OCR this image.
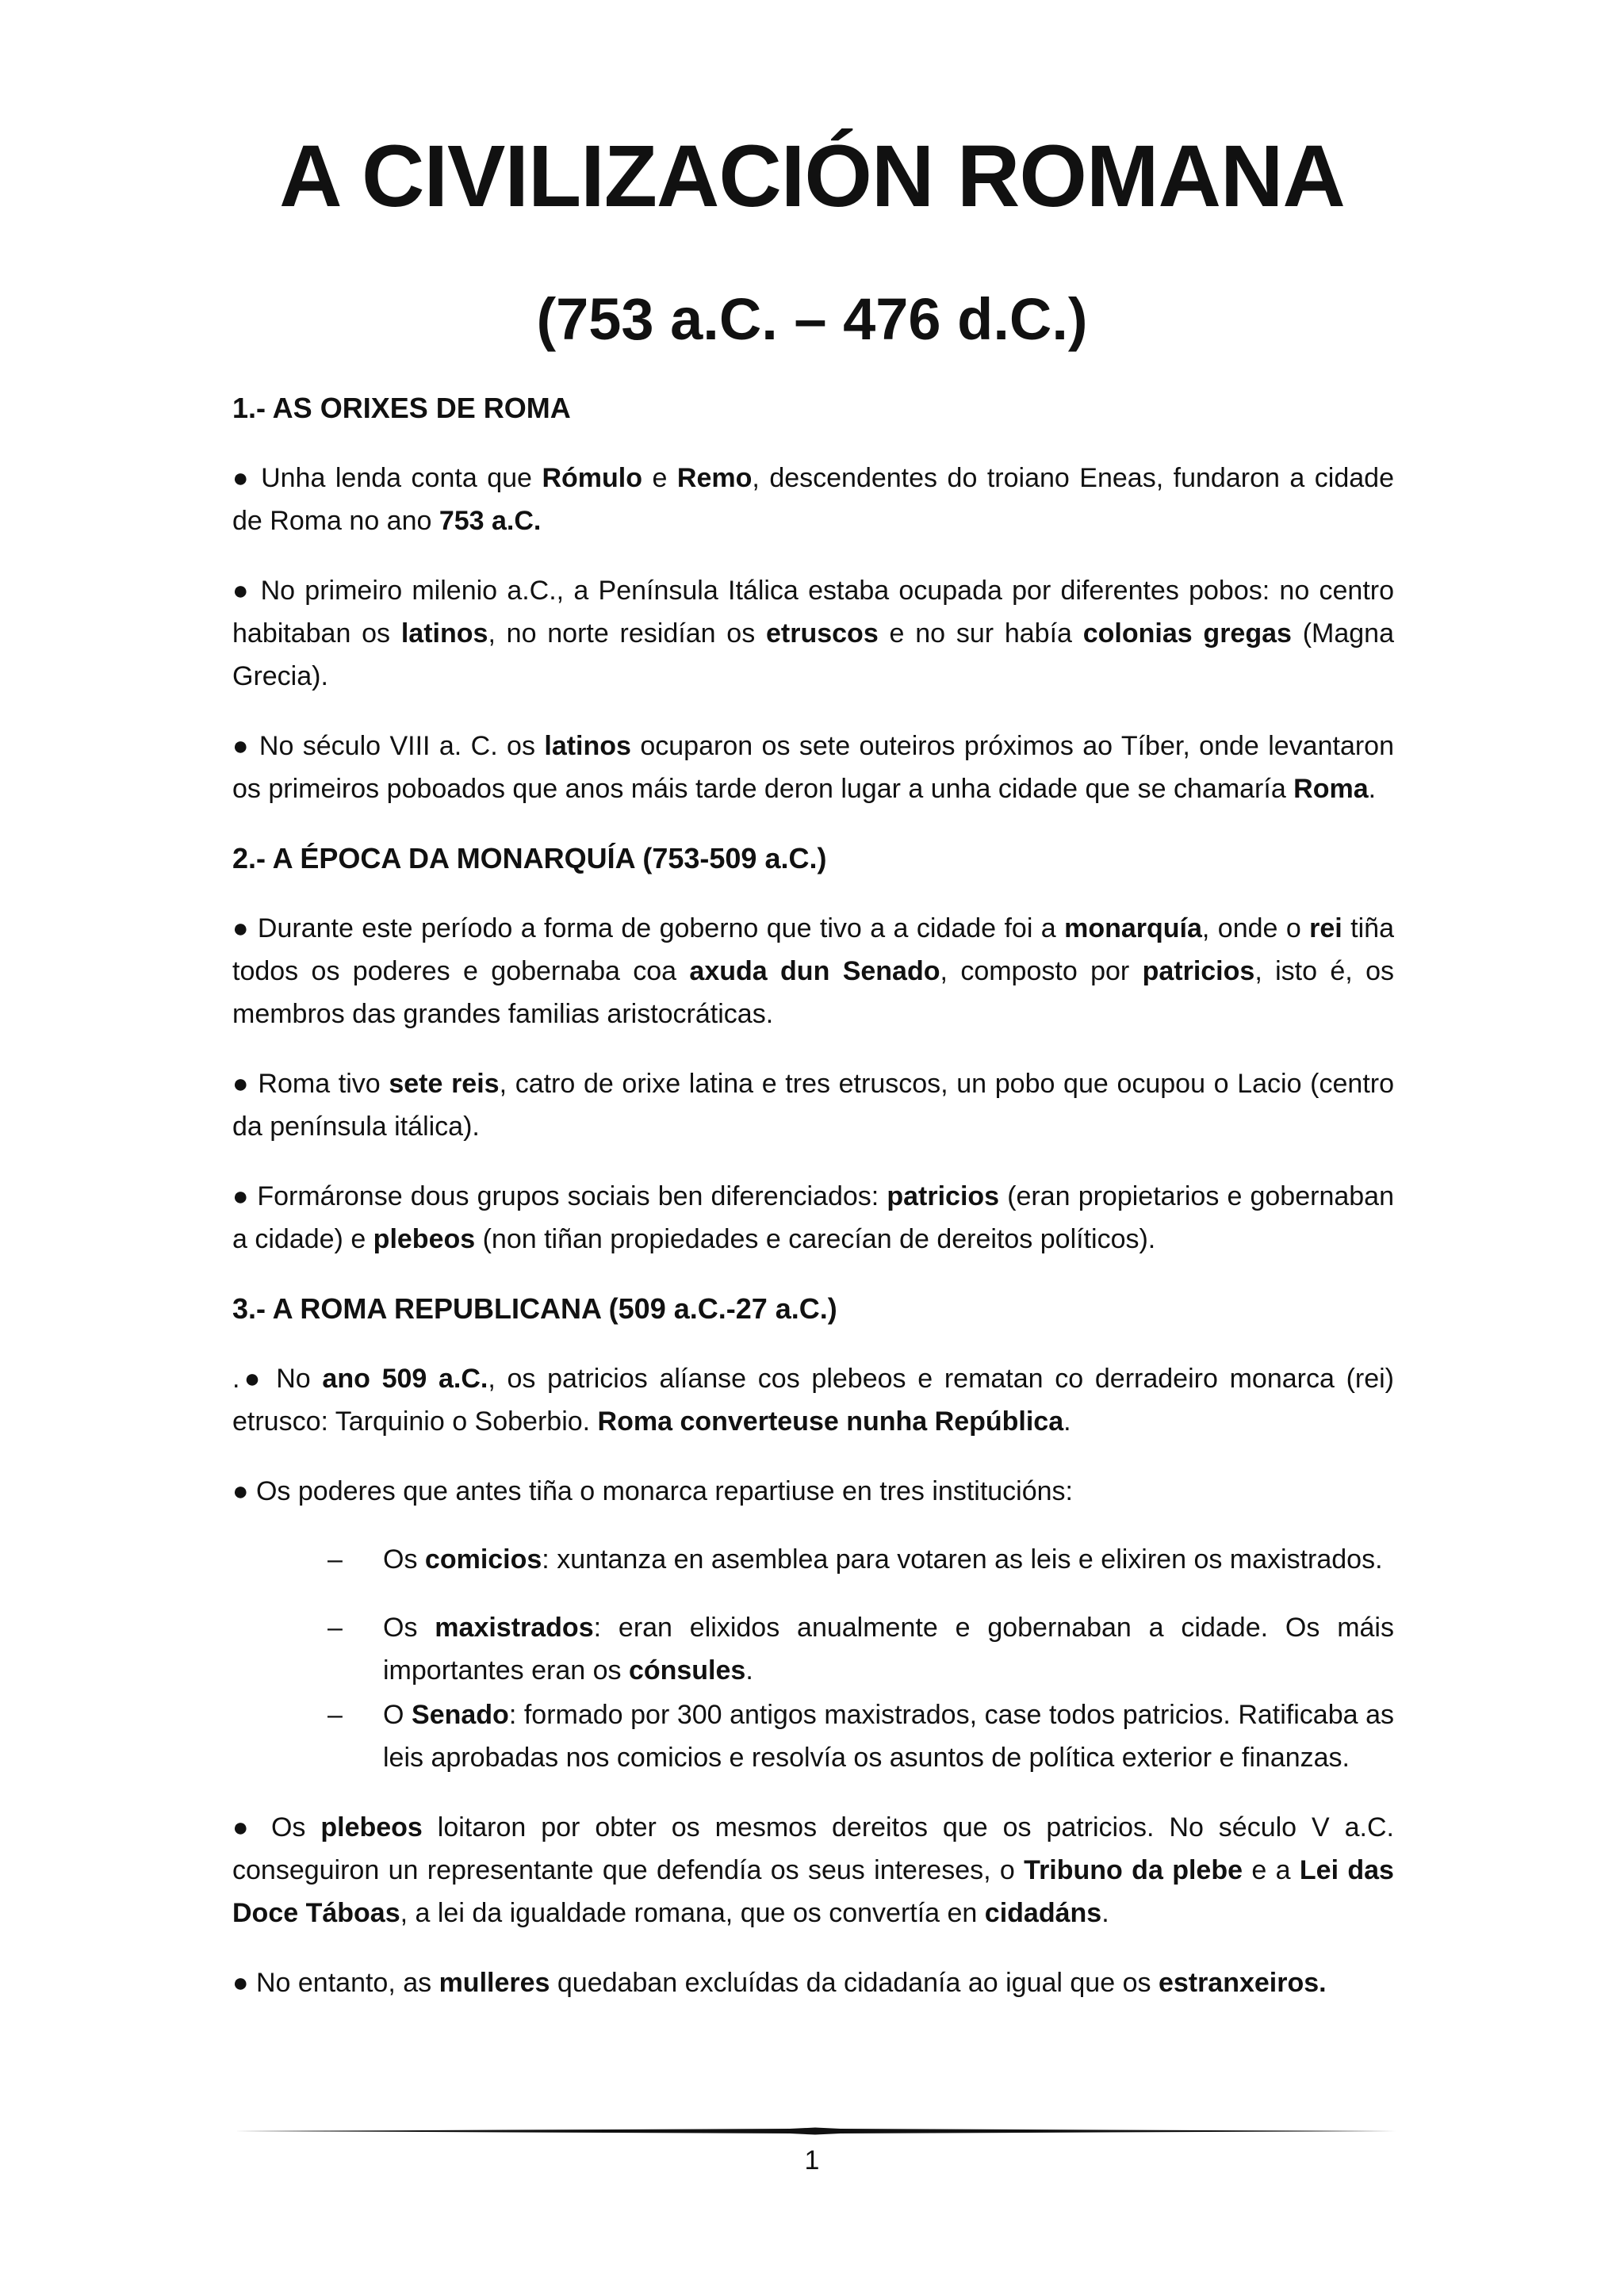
A CIVILIZACIÓN ROMANA
(753 a.C. – 476 d.C.)
1.- AS ORIXES DE ROMA

● Unha lenda conta que Rómulo e Remo, descendentes do troiano Eneas, fundaron a cidade de Roma no ano 753 a.C.

● No primeiro milenio a.C., a Península Itálica estaba ocupada por diferentes pobos: no centro habitaban os latinos, no norte residían os etruscos e no sur había colonias gregas (Magna Grecia).

● No século VIII a. C. os latinos ocuparon os sete outeiros próximos ao Tíber, onde levantaron os primeiros poboados que anos máis tarde deron lugar a unha cidade que se chamaría Roma.

2.- A ÉPOCA DA MONARQUÍA (753-509 a.C.)

● Durante este período a forma de goberno que tivo a a cidade foi a monarquía, onde o rei tiña todos os poderes e gobernaba coa axuda dun Senado, composto por patricios, isto é, os membros das grandes familias aristocráticas.

● Roma tivo sete reis, catro de orixe latina e tres etruscos, un pobo que ocupou o Lacio (centro da península itálica).

● Formáronse dous grupos sociais ben diferenciados: patricios (eran propietarios e gobernaban a cidade) e plebeos (non tiñan propiedades e carecían de dereitos políticos).

3.- A ROMA REPUBLICANA (509 a.C.-27 a.C.)

.● No ano 509 a.C., os patricios alíanse cos plebeos e rematan co derradeiro monarca (rei) etrusco: Tarquinio o Soberbio. Roma converteuse nunha República.

● Os poderes que antes tiña o monarca repartiuse en tres institucións:

– Os comicios: xuntanza en asemblea para votaren as leis e elixiren os maxistrados.
– Os maxistrados: eran elixidos anualmente e gobernaban a cidade. Os máis importantes eran os cónsules.
– O Senado: formado por 300 antigos maxistrados, case todos patricios. Ratificaba as leis aprobadas nos comicios e resolvía os asuntos de política exterior e finanzas.

● Os plebeos loitaron por obter os mesmos dereitos que os patricios. No século V a.C. conseguiron un representante que defendía os seus intereses, o Tribuno da plebe e a Lei das Doce Táboas, a lei da igualdade romana, que os convertía en cidadáns.

● No entanto, as mulleres quedaban excluídas da cidadanía ao igual que os estranxeiros.

1
